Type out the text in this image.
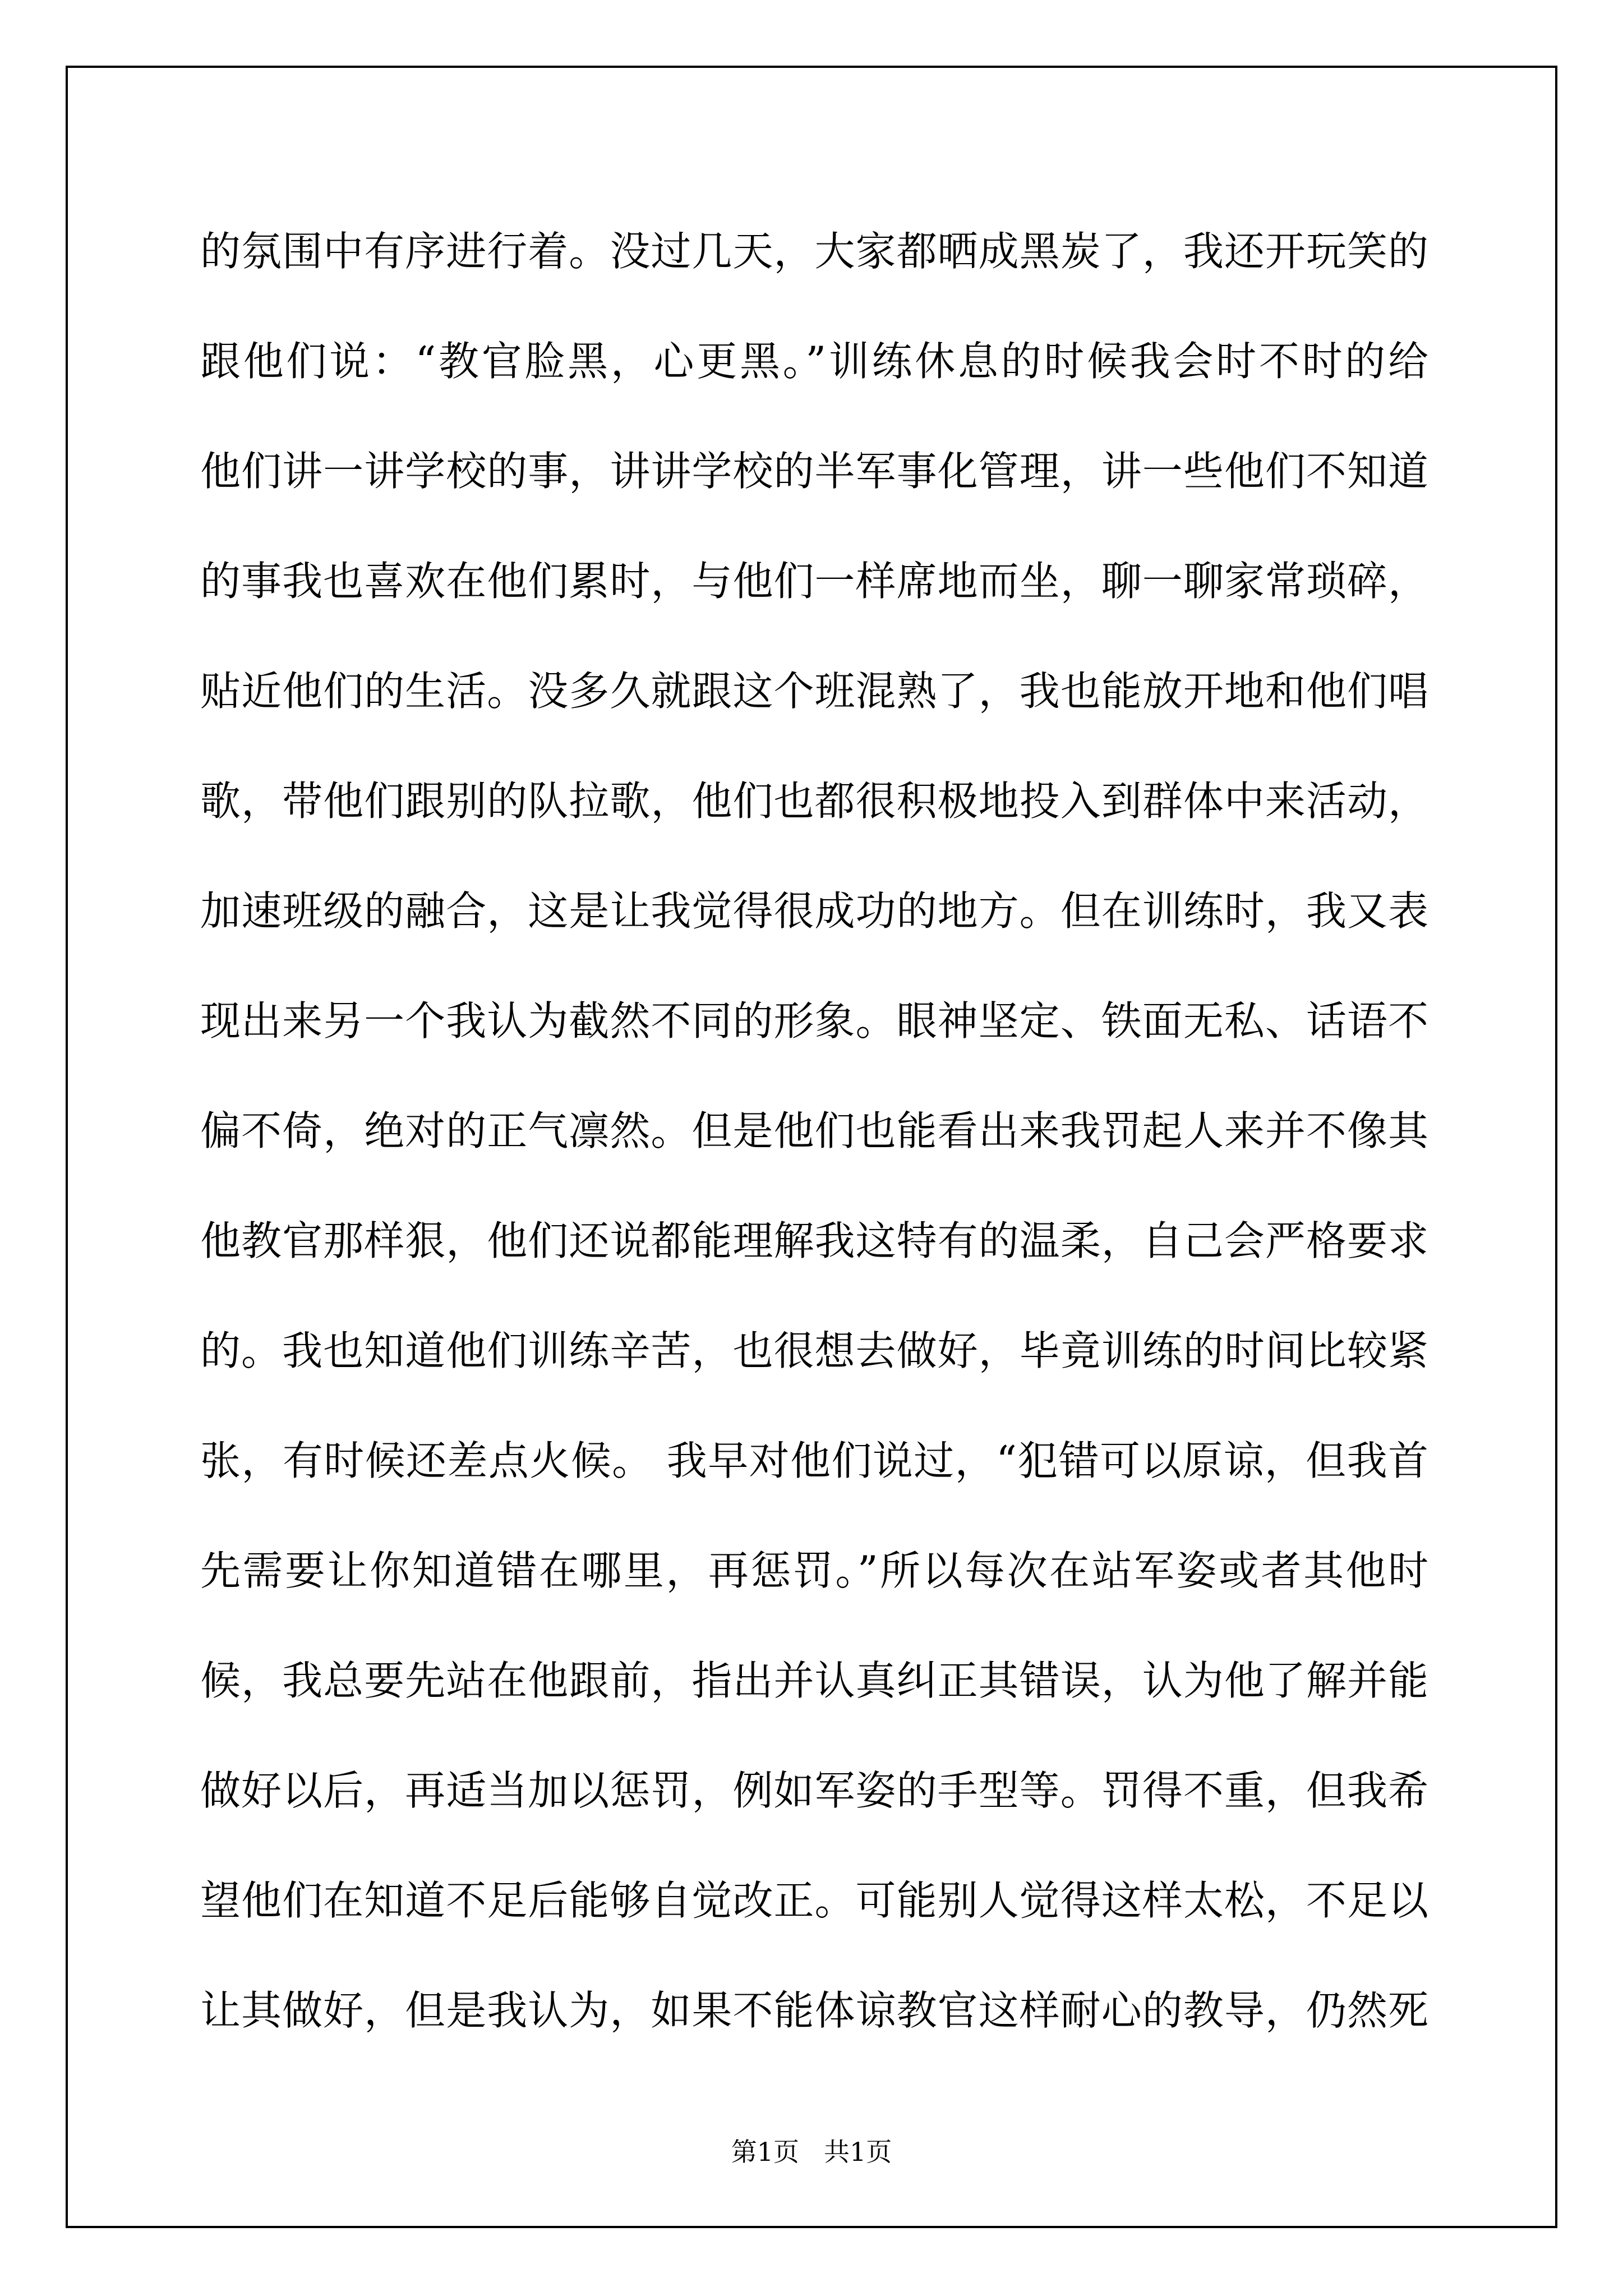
的氛围中有序进行着。没过几天，大家都晒成黑炭了，我还开玩笑的
跟他们说：“教官脸黑，心更黑。”训练休息的时候我会时不时的给
他们讲一讲学校的事，讲讲学校的半军事化管理，讲一些他们不知道
的事我也喜欢在他们累时，与他们一样席地而坐，聊一聊家常琐碎，
贴近他们的生活。没多久就跟这个班混熟了，我也能放开地和他们唱
歌，带他们跟别的队拉歌，他们也都很积极地投入到群体中来活动，
加速班级的融合，这是让我觉得很成功的地方。但在训练时，我又表
现出来另一个我认为截然不同的形象。眼神坚定、铁面无私、话语不
偏不倚，绝对的正气凛然。但是他们也能看出来我罚起人来并不像其
他教官那样狠，他们还说都能理解我这特有的温柔，自己会严格要求
的。我也知道他们训练辛苦，也很想去做好，毕竟训练的时间比较紧
张，有时候还差点火候。 我早对他们说过，“犯错可以原谅，但我首
先需要让你知道错在哪里，再惩罚。”所以每次在站军姿或者其他时
候，我总要先站在他跟前，指出并认真纠正其错误，认为他了解并能
做好以后，再适当加以惩罚，例如军姿的手型等。罚得不重，但我希
望他们在知道不足后能够自觉改正。可能别人觉得这样太松，不足以
让其做好，但是我认为，如果不能体谅教官这样耐心的教导，仍然死
第1页 共1页
